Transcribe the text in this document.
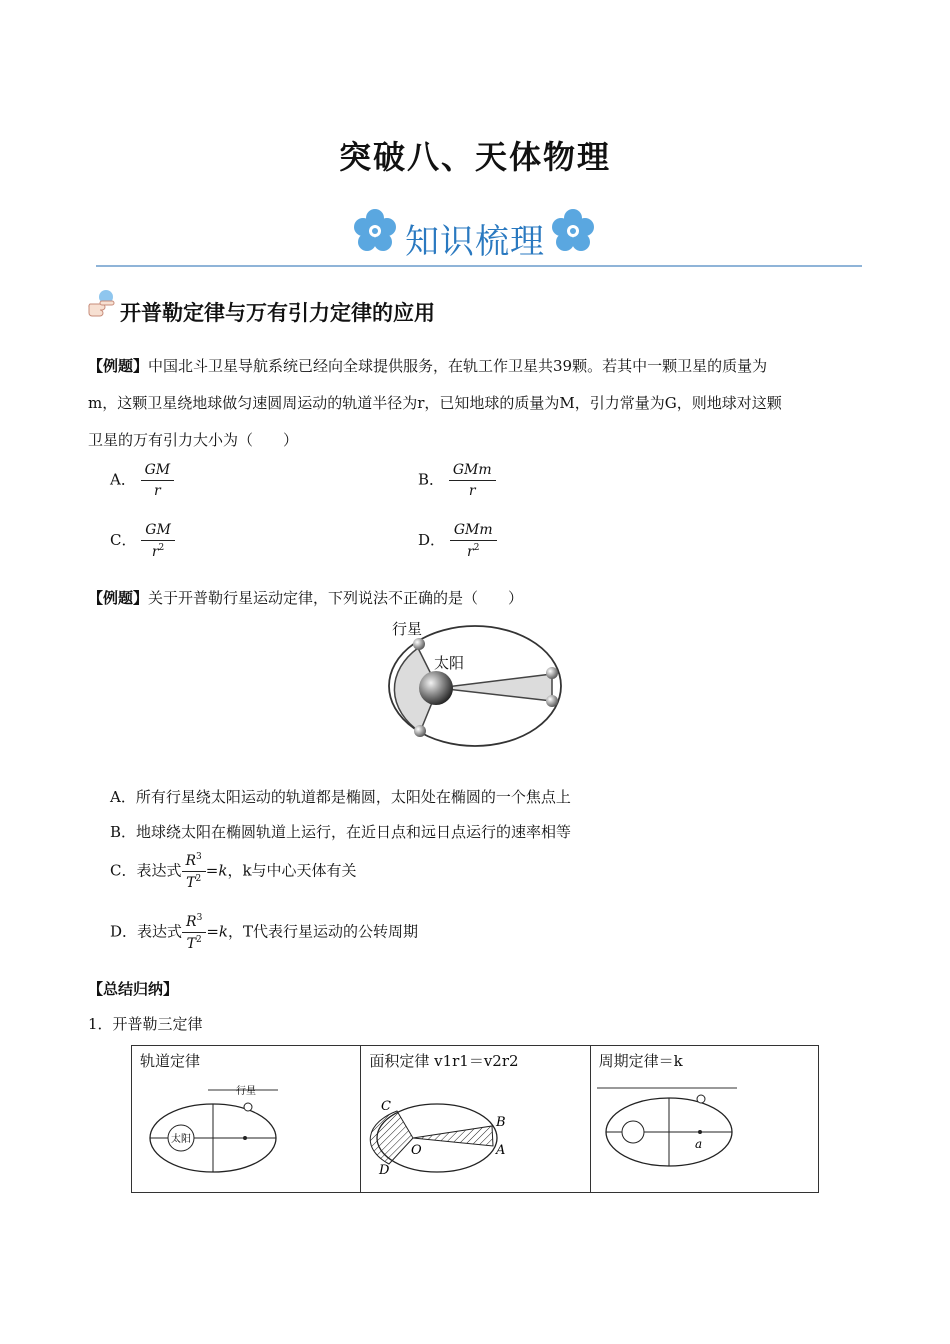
突破八、天体物理
知识梳理
开普勒定律与万有引力定律的应用
【例题】中国北斗卫星导航系统已经向全球提供服务，在轨工作卫星共39颗。若其中一颗卫星的质量为
m，这颗卫星绕地球做匀速圆周运动的轨道半径为r，已知地球的质量为M，引力常量为G，则地球对这颗
卫星的万有引力大小为（　　）
A． $\frac{GM}{r}$	B． $\frac{\text{GMm}}{r}$
C． $\frac{GM}{r^2}$	D． $\frac{\text{GMm}}{r^2}$
【例题】关于开普勒行星运动定律，下列说法不正确的是（　　）
行星
太阳
A．所有行星绕太阳运动的轨道都是椭圆，太阳处在椭圆的一个焦点上
B．地球绕太阳在椭圆轨道上运行，在近日点和远日点运行的速率相等
C．表达式 $\frac{R^3}{T^2} =k$，k与中心天体有关
D．表达式 $\frac{R^3}{T^2} =k$，T代表行星运动的公转周期
【总结归纳】
1．开普勒三定律
轨道定律
行星
太阳

面积定律 v1r1＝v2r2
C
B
O
D
A

周期定律＝k
a
